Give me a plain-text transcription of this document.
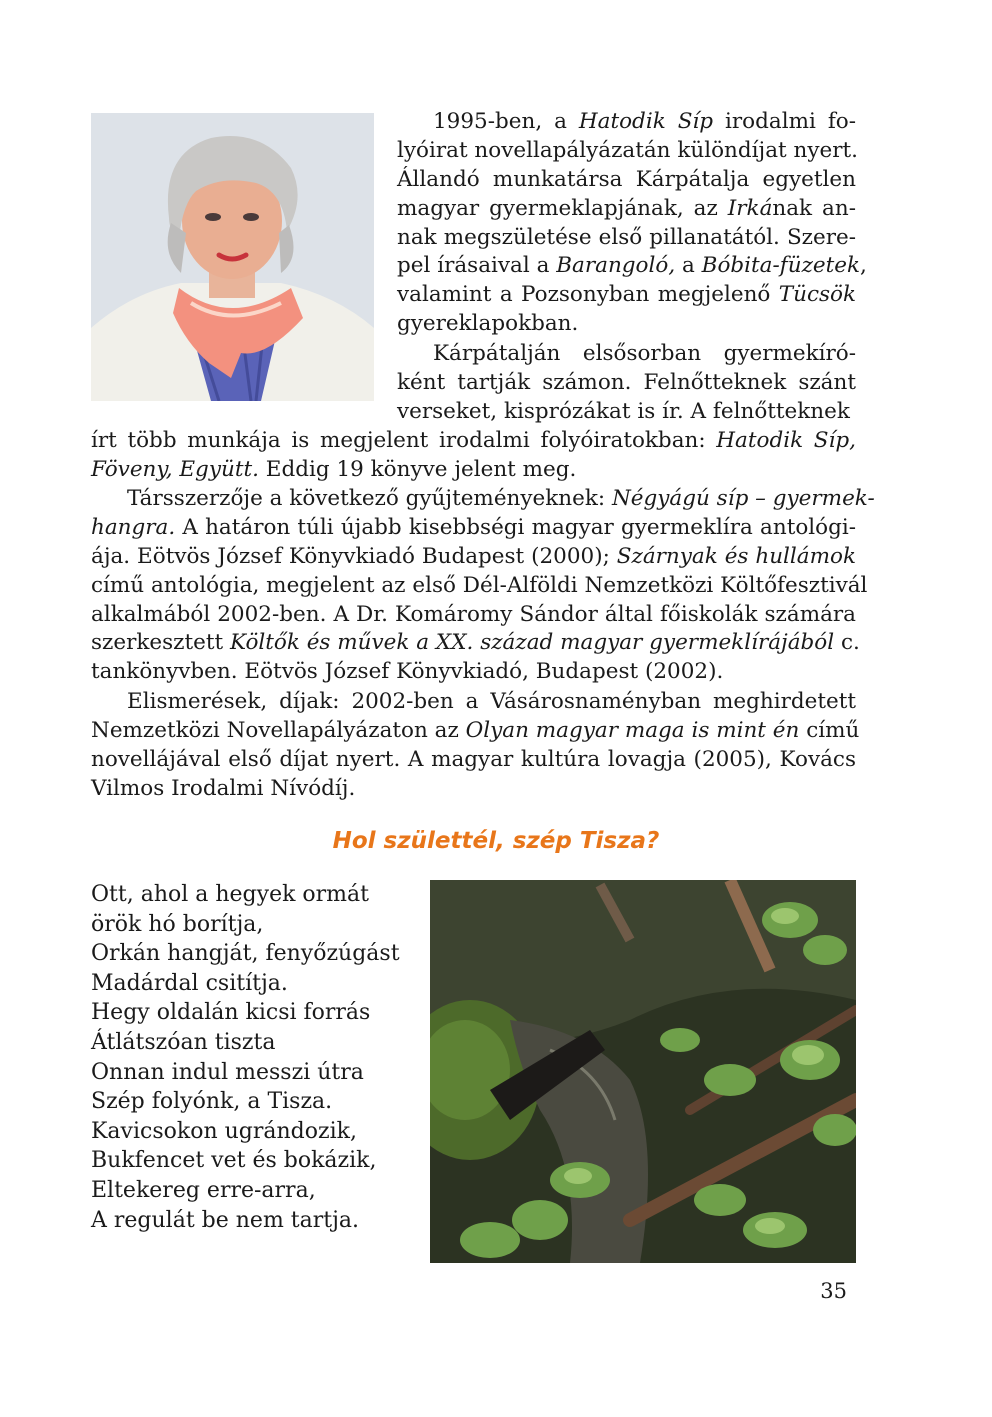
1995-ben, a Hatodik Síp irodalmi fo-
lyóirat novellapályázatán különdíjat nyert.
Állandó munkatársa Kárpátalja egyetlen
magyar gyermeklapjának, az Irkának an-
nak megszületése első pillanatától. Szere-
pel írásaival a Barangoló, a Bóbita-füzetek,
valamint a Pozsonyban megjelenő Tücsök
gyereklapokban.
Kárpátalján elsősorban gyermekíró-
ként tartják számon. Felnőtteknek szánt
verseket, kisprózákat is ír. A felnőtteknek
írt több munkája is megjelent irodalmi folyóiratokban: Hatodik Síp,
Föveny, Együtt. Eddig 19 könyve jelent meg.
Társszerzője a következő gyűjteményeknek: Négyágú síp – gyermek-
hangra. A határon túli újabb kisebbségi magyar gyermeklíra antológi-
ája. Eötvös József Könyvkiadó Budapest (2000); Szárnyak és hullámok
című antológia, megjelent az első Dél-Alföldi Nemzetközi Költőfesztivál
alkalmából 2002-ben. A Dr. Komáromy Sándor által főiskolák számára
szerkesztett Költők és művek a XX. század magyar gyermeklírájából c.
tankönyvben. Eötvös József Könyvkiadó, Budapest (2002).
Elismerések, díjak: 2002-ben a Vásárosnaményban meghirdetett
Nemzetközi Novellapályázaton az Olyan magyar maga is mint én című
novellájával első díjat nyert. A magyar kultúra lovagja (2005), Kovács
Vilmos Irodalmi Nívódíj.
Hol születtél, szép Tisza?
Ott, ahol a hegyek ormát
örök hó borítja,
Orkán hangját, fenyőzúgást
Madárdal csitítja.
Hegy oldalán kicsi forrás
Átlátszóan tiszta
Onnan indul messzi útra
Szép folyónk, a Tisza.
Kavicsokon ugrándozik,
Bukfencet vet és bokázik,
Eltekereg erre-arra,
A regulát be nem tartja.
35
